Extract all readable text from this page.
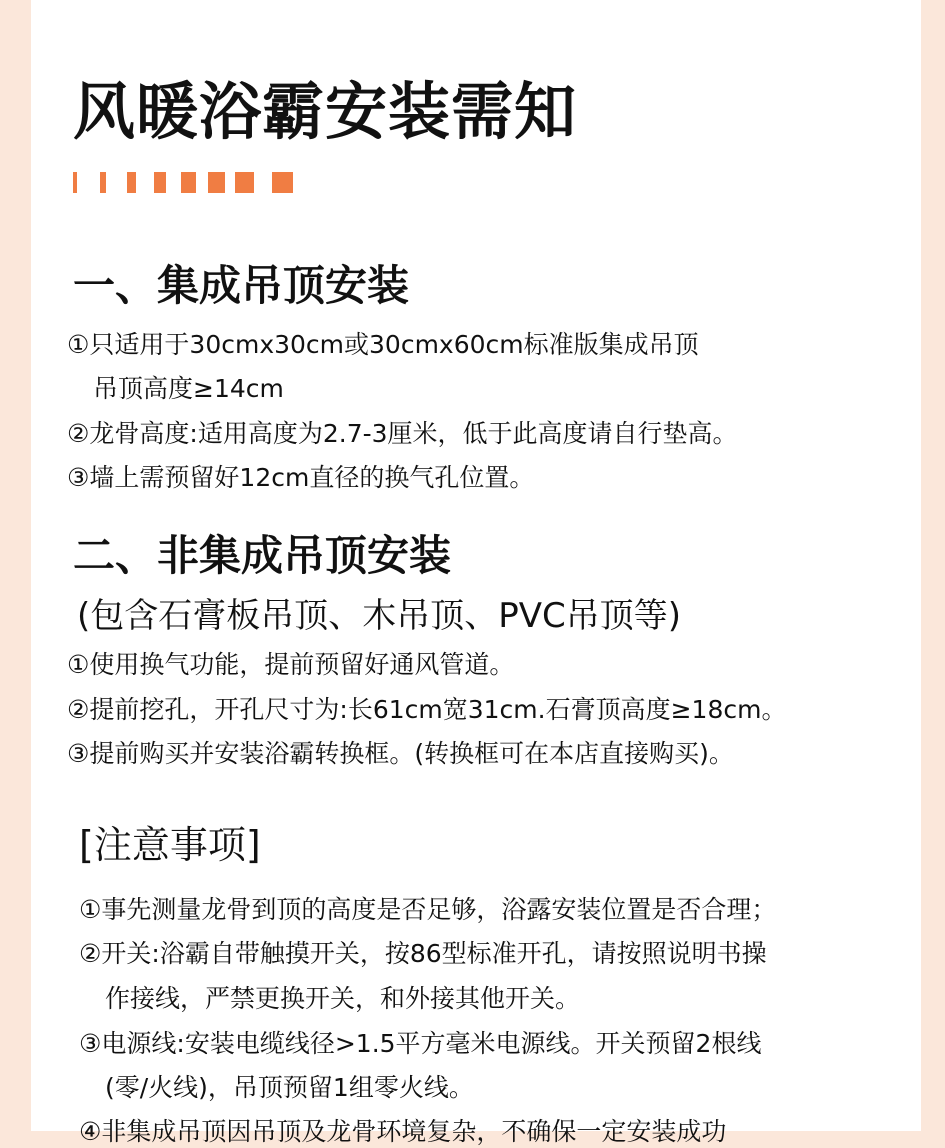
风暖浴霸安装需知
一、集成吊顶安装
①只适用于30cmx30cm或30cmx60cm标准版集成吊顶
吊顶高度≥14cm
②龙骨高度:适用高度为2.7-3厘米，低于此高度请自行垫高。
③墙上需预留好12cm直径的换气孔位置。
二、非集成吊顶安装
(包含石膏板吊顶、木吊顶、PVC吊顶等)
①使用换气功能，提前预留好通风管道。
②提前挖孔，开孔尺寸为:长61cm宽31cm.石膏顶高度≥18cm。
③提前购买并安装浴霸转换框。(转换框可在本店直接购买)。
[注意事项]
①事先测量龙骨到顶的高度是否足够，浴露安装位置是否合理；
②开关:浴霸自带触摸开关，按86型标准开孔，请按照说明书操
作接线，严禁更换开关，和外接其他开关。
③电源线:安装电缆线径>1.5平方毫米电源线。开关预留2根线
(零/火线)，吊顶预留1组零火线。
④非集成吊顶因吊顶及龙骨环境复杂，不确保一定安装成功
